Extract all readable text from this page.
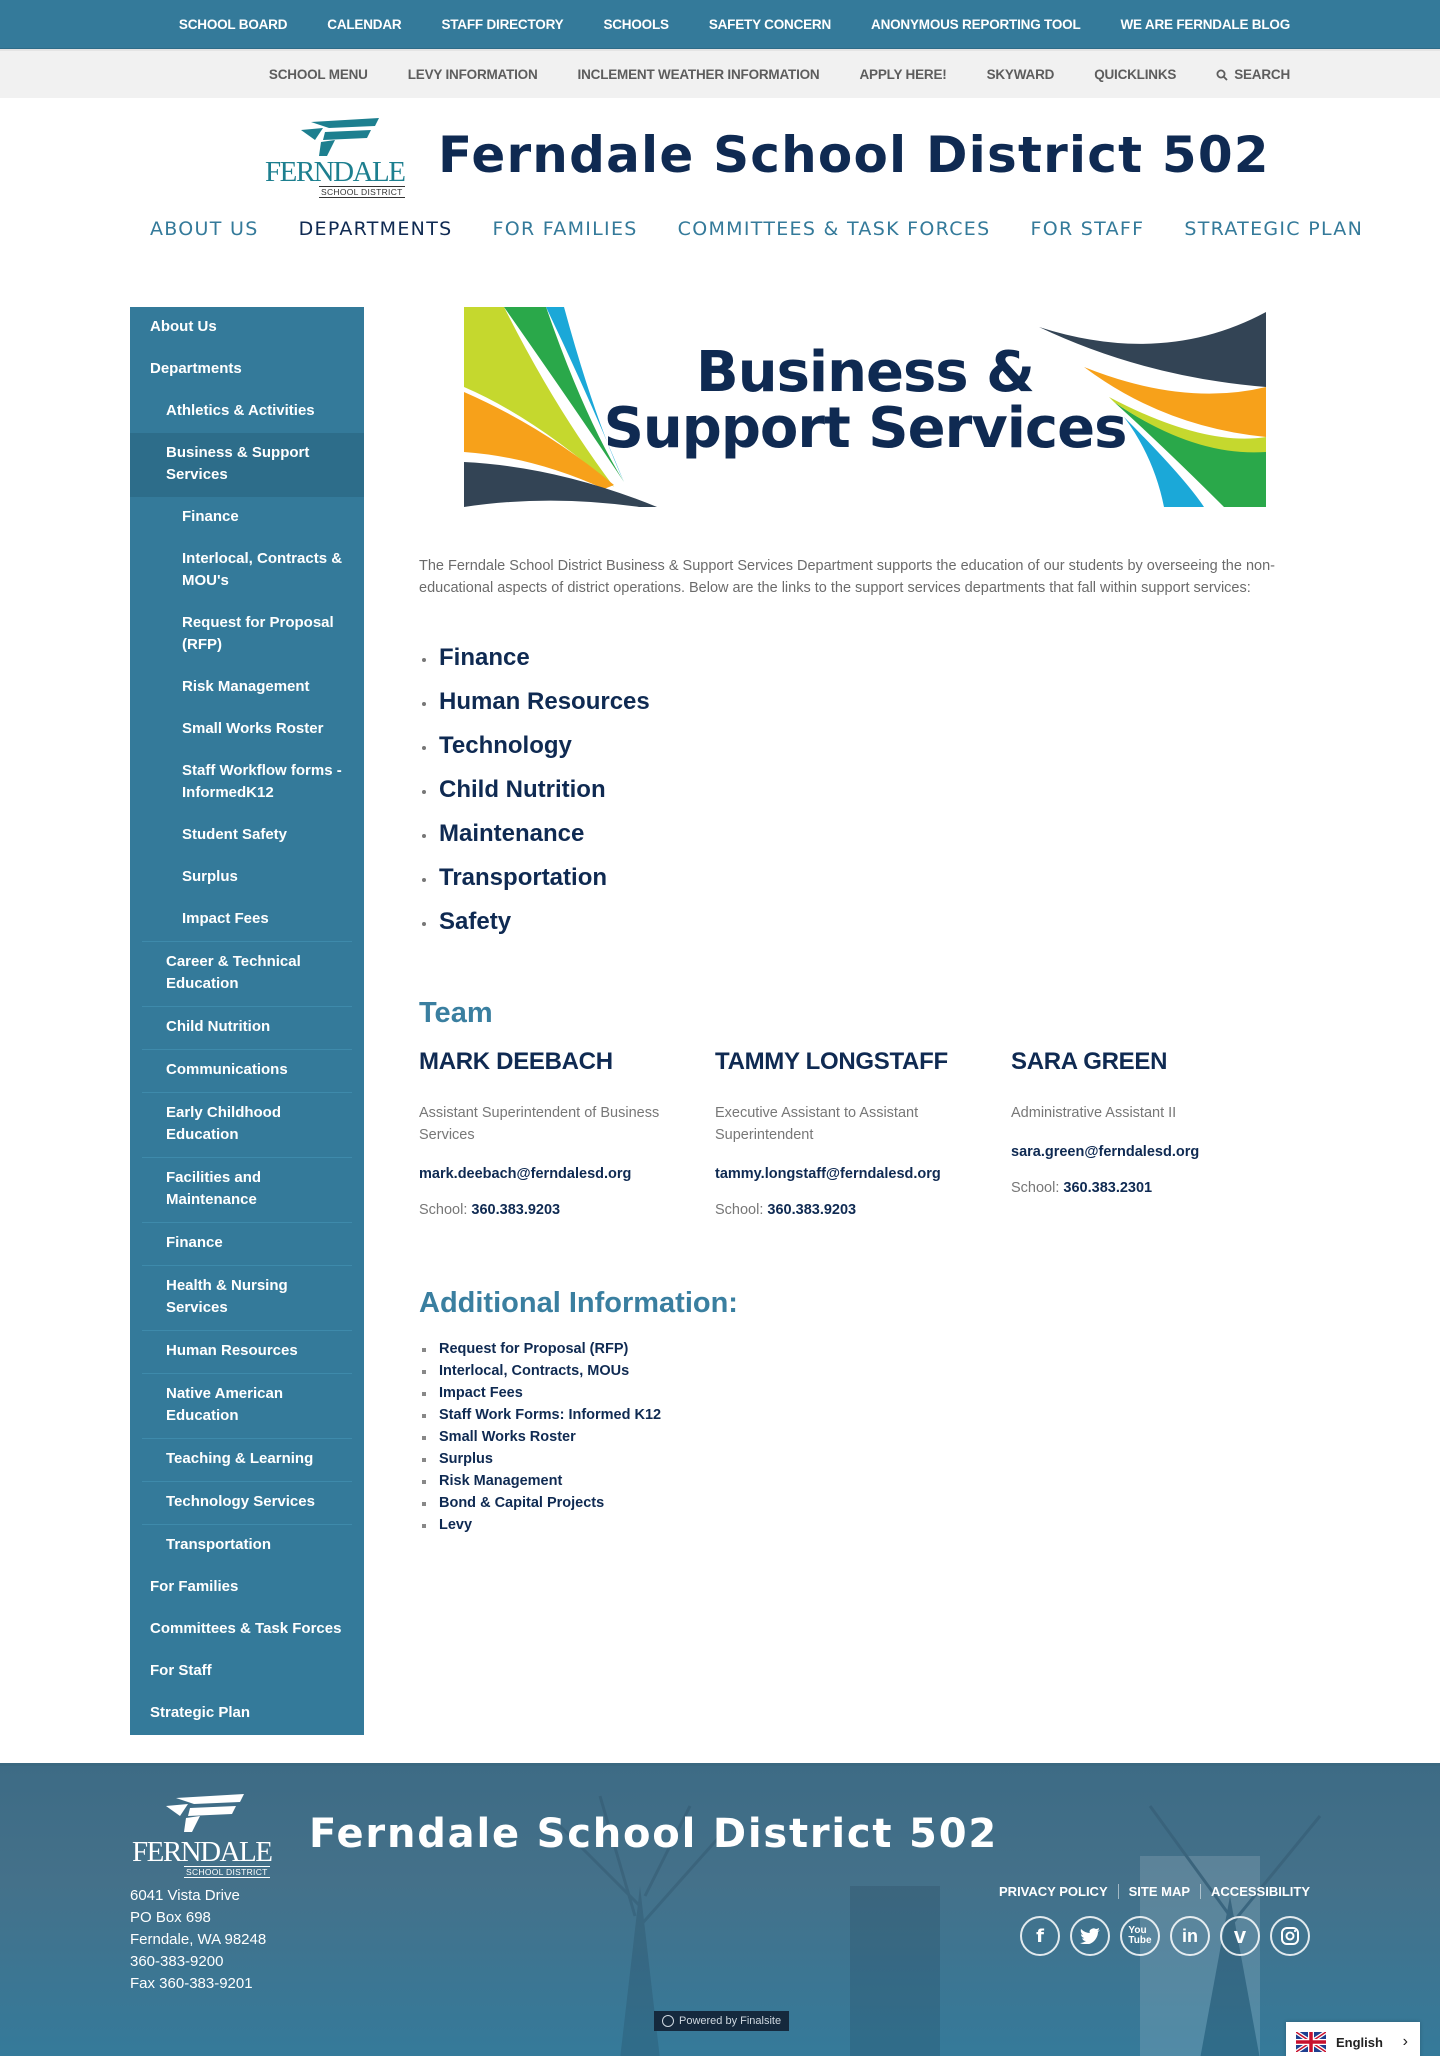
SCHOOL BOARD	CALENDAR	STAFF DIRECTORY	SCHOOLS	SAFETY CONCERN	ANONYMOUS REPORTING TOOL	WE ARE FERNDALE BLOG
SCHOOL MENU	LEVY INFORMATION	INCLEMENT WEATHER INFORMATION	APPLY HERE!	SKYWARD	QUICKLINKS	SEARCH
FERNDALE
SCHOOL DISTRICT
Ferndale School District 502
ABOUT US DEPARTMENTS FOR FAMILIES COMMITTEES & TASK FORCES FOR STAFF STRATEGIC PLAN
About Us
Departments
Athletics & Activities
Business & Support Services
Finance
Interlocal, Contracts & MOU's
Request for Proposal (RFP)
Risk Management
Small Works Roster
Staff Workflow forms - InformedK12
Student Safety
Surplus
Impact Fees
Career & Technical Education
Child Nutrition
Communications
Early Childhood Education
Facilities and Maintenance
Finance
Health & Nursing Services
Human Resources
Native American Education
Teaching & Learning
Technology Services
Transportation
For Families
Committees & Task Forces
For Staff
Strategic Plan
Business &
Support Services

The Ferndale School District Business & Support Services Department supports the education of our students by overseeing the non-educational aspects of district operations. Below are the links to the support services departments that fall within support services:

Finance
Human Resources
Technology
Child Nutrition
Maintenance
Transportation
Safety
Team
MARK DEEBACH
Assistant Superintendent of Business Services
mark.deebach@ferndalesd.org
School: 360.383.9203
TAMMY LONGSTAFF
Executive Assistant to Assistant Superintendent
tammy.longstaff@ferndalesd.org
School: 360.383.9203
SARA GREEN
Administrative Assistant II
sara.green@ferndalesd.org
School: 360.383.2301
Additional Information:
Request for Proposal (RFP)
Interlocal, Contracts, MOUs
Impact Fees
Staff Work Forms: Informed K12
Small Works Roster
Surplus
Risk Management
Bond & Capital Projects
Levy
FERNDALE
SCHOOL DISTRICT
Ferndale School District 502
6041 Vista Drive
PO Box 698
Ferndale, WA 98248
360-383-9200
Fax 360-383-9201
PRIVACY POLICY	SITE MAP	ACCESSIBILITY
f	You
Tube	in	v
Powered by Finalsite
English ›
